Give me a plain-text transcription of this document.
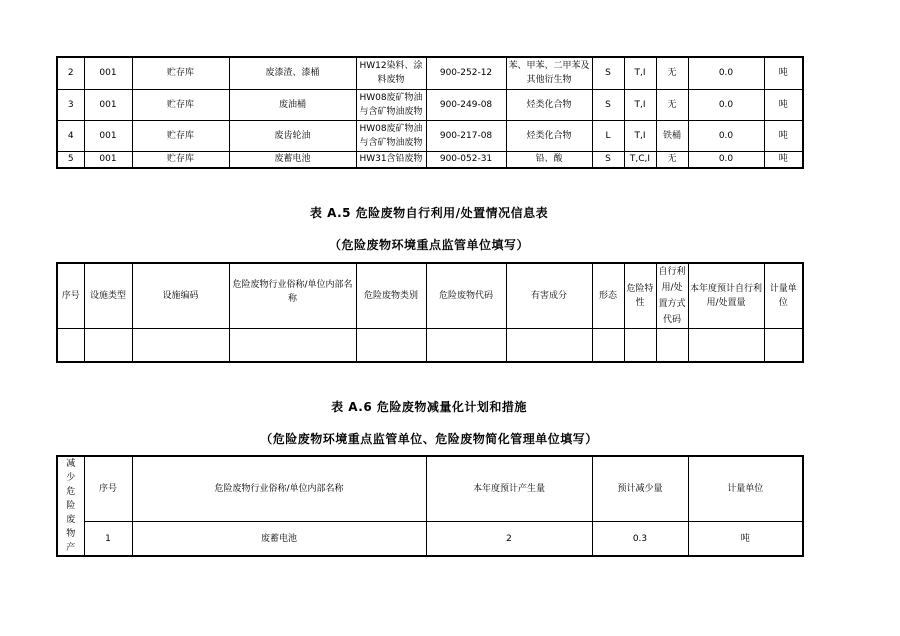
2	001	贮存库	废漆渣、漆桶	HW12染料、涂料废物	900-252-12	苯、甲苯、二甲苯及其他衍生物	S	T,I	无	0.0	吨
3	001	贮存库	废油桶	HW08废矿物油与含矿物油废物	900-249-08	烃类化合物	S	T,I	无	0.0	吨
4	001	贮存库	废齿轮油	HW08废矿物油与含矿物油废物	900-217-08	烃类化合物	L	T,I	铁桶	0.0	吨
5	001	贮存库	废蓄电池	HW31含铅废物	900-052-31	铅、酸	S	T,C,I	无	0.0	吨
表 A.5 危险废物自行利用/处置情况信息表
（危险废物环境重点监管单位填写）
序号	设施类型	设施编码	危险废物行业俗称/单位内部名称	危险废物类别	危险废物代码	有害成分	形态	危险特性	自行利用/处置方式代码	本年度预计自行利用/处置量	计量单位

表 A.6 危险废物减量化计划和措施
（危险废物环境重点监管单位、危险废物简化管理单位填写）
减少危险废物产	序号	危险废物行业俗称/单位内部名称	本年度预计产生量	预计减少量	计量单位
	1	废蓄电池	2	0.3	吨
